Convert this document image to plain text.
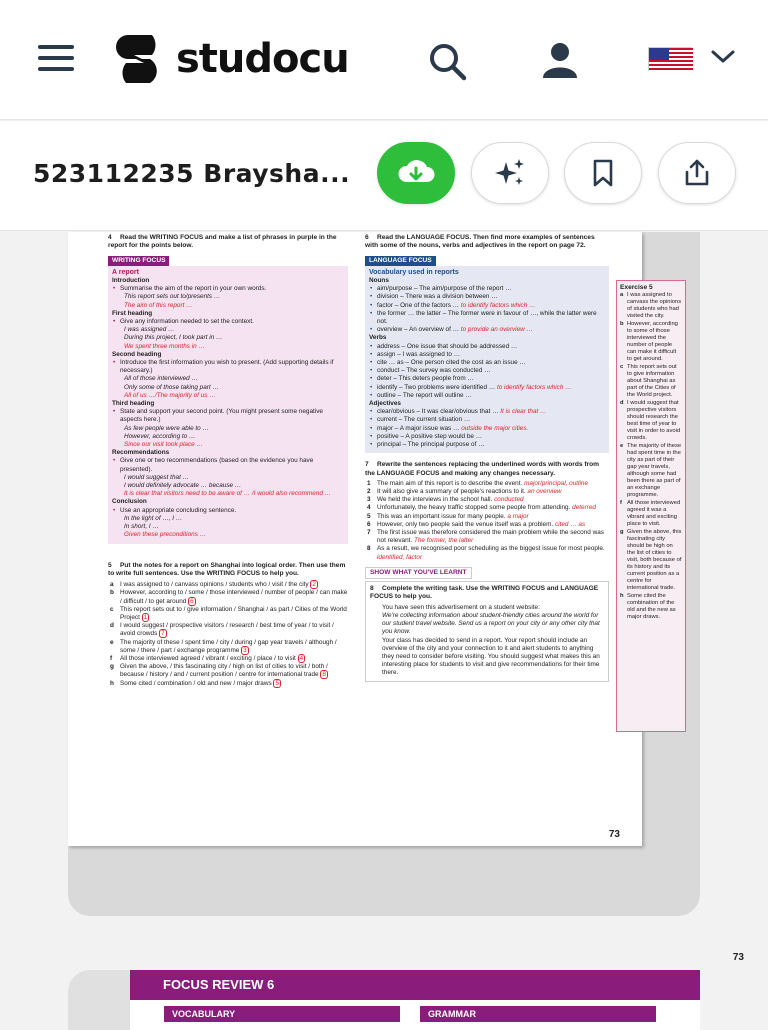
studocu
523112235 Braysha...
4 Read the WRITING FOCUS and make a list of phrases in purple in the report for the points below.
WRITING FOCUS
A report
Introduction
• Summarise the aim of the report in your own words.
This report sets out to/presents …
The aim of this report …
First heading
• Give any information needed to set the context.
I was assigned …
During this project, I took part in …
We spent three months in …
Second heading
• Introduce the first information you wish to present. (Add supporting details if necessary.)
All of those interviewed …
Only some of those taking part …
All of us …/The majority of us …
Third heading
• State and support your second point. (You might present some negative aspects here.)
As few people were able to …
However, according to …
Since our visit took place …
Recommendations
• Give one or two recommendations (based on the evidence you have presented).
I would suggest that …
I would definitely advocate … because …
It is clear that visitors need to be aware of … /I would also recommend …
Conclusion
• Use an appropriate concluding sentence.
In the light of …, I …
In short, I …
Given these preconditions …
5 Put the notes for a report on Shanghai into logical order. Then use them to write full sentences. Use the WRITING FOCUS to help you.
a I was assigned to / canvass opinions / students who / visit / the city 2
b However, according to / some / those interviewed / number of people / can make / difficult / to get around 6
c This report sets out to / give information / Shanghai / as part / Cities of the World Project 1
d I would suggest / prospective visitors / research / best time of year / to visit / avoid crowds 7
e The majority of these / spent time / city / during / gap year travels / although / some / there / part / exchange programme 3
f All those interviewed agreed / vibrant / exciting / place / to visit 4
g Given the above, / this fascinating city / high on list of cities to visit / both / because / history / and / current position / centre for international trade 8
h Some cited / combination / old and new / major draws 5
6 Read the LANGUAGE FOCUS. Then find more examples of sentences with some of the nouns, verbs and adjectives in the report on page 72.
LANGUAGE FOCUS
Vocabulary used in reports
Nouns
• aim/purpose – The aim/purpose of the report …
• division – There was a division between …
• factor – One of the factors … to identify factors which …
• the former … the latter – The former were in favour of …, while the latter were not.
• overview – An overview of … to provide an overview …
Verbs
• address – One issue that should be addressed …
• assign – I was assigned to …
• cite … as – One person cited the cost as an issue …
• conduct – The survey was conducted …
• deter – This deters people from …
• identify – Two problems were identified … to identify factors which …
• outline – The report will outline …
Adjectives
• clear/obvious – It was clear/obvious that … It is clear that …
• current – The current situation …
• major – A major issue was … outside the major cities.
• positive – A positive step would be …
• principal – The principal purpose of …
7 Rewrite the sentences replacing the underlined words with words from the LANGUAGE FOCUS and making any changes necessary.
1 The main aim of this report is to describe the event. major/principal, outline
2 It will also give a summary of people's reactions to it. an overview
3 We held the interviews in the school hall. conducted
4 Unfortunately, the heavy traffic stopped some people from attending. deterred
5 This was an important issue for many people. a major
6 However, only two people said the venue itself was a problem. cited … as
7 The first issue was therefore considered the main problem while the second was not relevant. The former, the latter
8 As a result, we recognised poor scheduling as the biggest issue for most people. identified, factor
SHOW WHAT YOU'VE LEARNT
8 Complete the writing task. Use the WRITING FOCUS and LANGUAGE FOCUS to help you.
You have seen this advertisement on a student website:
We're collecting information about student-friendly cities around the world for our student travel website. Send us a report on your city or any other city that you know.
Your class has decided to send in a report. Your report should include an overview of the city and your connection to it and alert students to anything they need to consider before visiting. You should suggest what makes this an interesting place for students to visit and give recommendations for their time there.
Exercise 5
a I was assigned to canvass the opinions of students who had visited the city.
b However, according to some of those interviewed the number of people can make it difficult to get around.
c This report sets out to give information about Shanghai as part of the Cities of the World project.
d I would suggest that prospective visitors should research the best time of year to visit in order to avoid crowds.
e The majority of these had spent time in the city as part of their gap year travels, although some had been there as part of an exchange programme.
f All those interviewed agreed it was a vibrant and exciting place to visit.
g Given the above, this fascinating city should be high on the list of cities to visit, both because of its history and its current position as a centre for international trade.
h Some cited the combination of the old and the new as major draws.
73
73
FOCUS REVIEW 6
VOCABULARY	GRAMMAR
